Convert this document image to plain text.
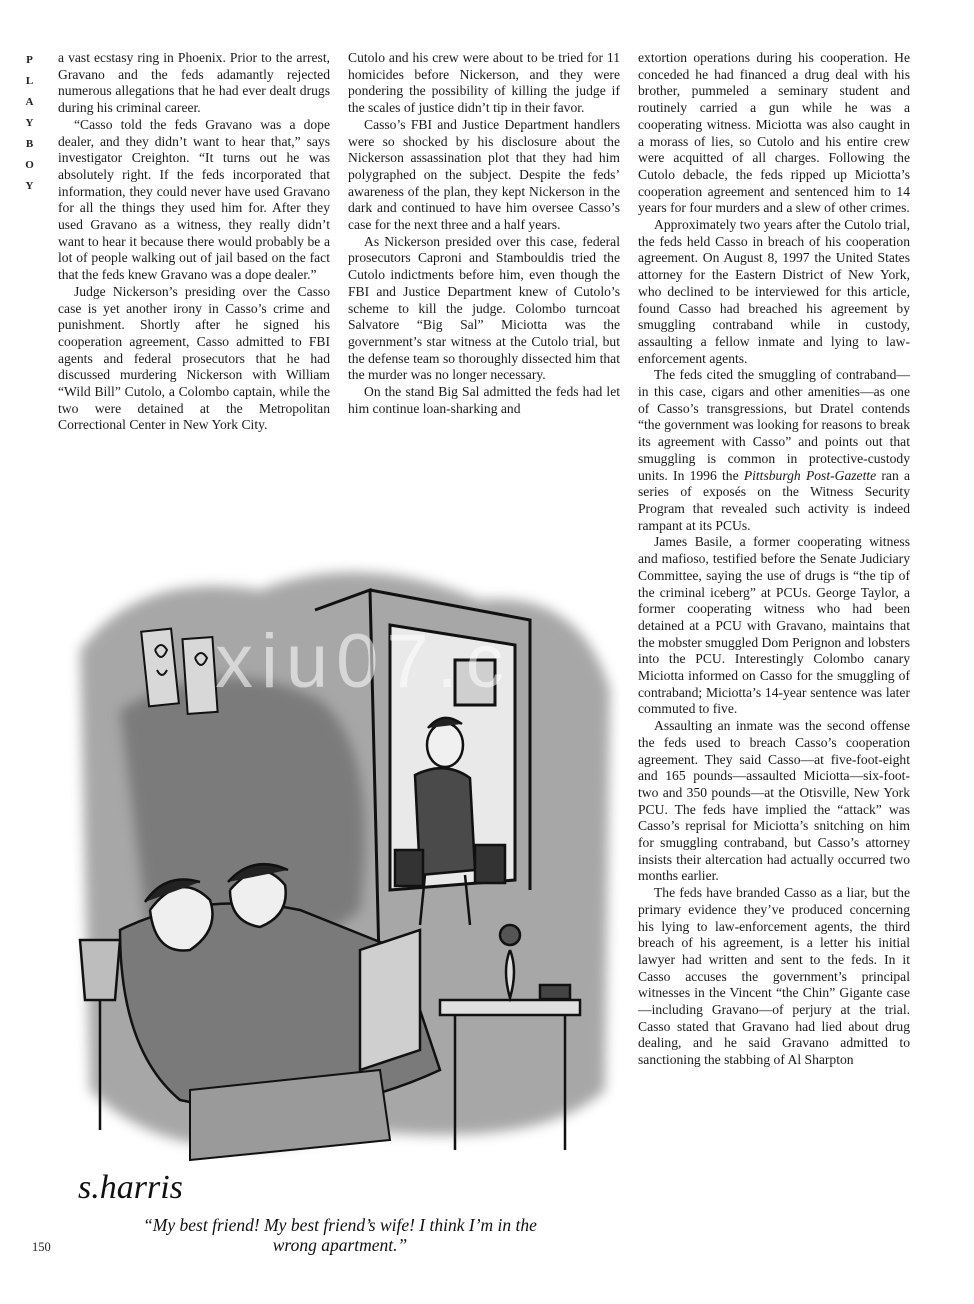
P
L
A
Y
B
O
Y

a vast ecstasy ring in Phoenix. Prior to the arrest, Gravano and the feds adamantly rejected numerous allegations that he had ever dealt drugs during his criminal career.

“Casso told the feds Gravano was a dope dealer, and they didn’t want to hear that,” says investigator Creighton. “It turns out he was absolutely right. If the feds incorporated that information, they could never have used Gravano for all the things they used him for. After they used Gravano as a witness, they really didn’t want to hear it because there would probably be a lot of people walking out of jail based on the fact that the feds knew Gravano was a dope dealer.”

Judge Nickerson’s presiding over the Casso case is yet another irony in Casso’s crime and punishment. Shortly after he signed his cooperation agreement, Casso admitted to FBI agents and federal prosecutors that he had discussed murdering Nickerson with William “Wild Bill” Cutolo, a Colombo captain, while the two were detained at the Metropolitan Correctional Center in New York City.

Cutolo and his crew were about to be tried for 11 homicides before Nickerson, and they were pondering the possibility of killing the judge if the scales of justice didn’t tip in their favor.

Casso’s FBI and Justice Department handlers were so shocked by his disclosure about the Nickerson assassination plot that they had him polygraphed on the subject. Despite the feds’ awareness of the plan, they kept Nickerson in the dark and continued to have him oversee Casso’s case for the next three and a half years.

As Nickerson presided over this case, federal prosecutors Caproni and Stambouldis tried the Cutolo indictments before him, even though the FBI and Justice Department knew of Cutolo’s scheme to kill the judge. Colombo turncoat Salvatore “Big Sal” Miciotta was the government’s star witness at the Cutolo trial, but the defense team so thoroughly dissected him that the murder was no longer necessary.

On the stand Big Sal admitted the feds had let him continue loan-sharking and

extortion operations during his cooperation. He conceded he had financed a drug deal with his brother, pummeled a seminary student and routinely carried a gun while he was a cooperating witness. Miciotta was also caught in a morass of lies, so Cutolo and his entire crew were acquitted of all charges. Following the Cutolo debacle, the feds ripped up Miciotta’s cooperation agreement and sentenced him to 14 years for four murders and a slew of other crimes.

Approximately two years after the Cutolo trial, the feds held Casso in breach of his cooperation agreement. On August 8, 1997 the United States attorney for the Eastern District of New York, who declined to be interviewed for this article, found Casso had breached his agreement by smuggling contraband while in custody, assaulting a fellow inmate and lying to law-enforcement agents.

The feds cited the smuggling of contraband—in this case, cigars and other amenities—as one of Casso’s transgressions, but Dratel contends “the government was looking for reasons to break its agreement with Casso” and points out that smuggling is common in protective-custody units. In 1996 the Pittsburgh Post-Gazette ran a series of exposés on the Witness Security Program that revealed such activity is indeed rampant at its PCUs.

James Basile, a former cooperating witness and mafioso, testified before the Senate Judiciary Committee, saying the use of drugs is “the tip of the criminal iceberg” at PCUs. George Taylor, a former cooperating witness who had been detained at a PCU with Gravano, maintains that the mobster smuggled Dom Perignon and lobsters into the PCU. Interestingly Colombo canary Miciotta informed on Casso for the smuggling of contraband; Miciotta’s 14-year sentence was later commuted to five.

Assaulting an inmate was the second offense the feds used to breach Casso’s cooperation agreement. They said Casso—at five-foot-eight and 165 pounds—assaulted Miciotta—six-foot-two and 350 pounds—at the Otisville, New York PCU. The feds have implied the “attack” was Casso’s reprisal for Miciotta’s snitching on him for smuggling contraband, but Casso’s attorney insists their altercation had actually occurred two months earlier.

The feds have branded Casso as a liar, but the primary evidence they’ve produced concerning his lying to law-enforcement agents, the third breach of his agreement, is a letter his initial lawyer had written and sent to the feds. In it Casso accuses the government’s principal witnesses in the Vincent “the Chin” Gigante case—including Gravano—of perjury at the trial. Casso stated that Gravano had lied about drug dealing, and he said Gravano admitted to sanctioning the stabbing of Al Sharpton

s.harris
xiu07.c
“My best friend! My best friend’s wife! I think I’m in the wrong apartment.”
150
